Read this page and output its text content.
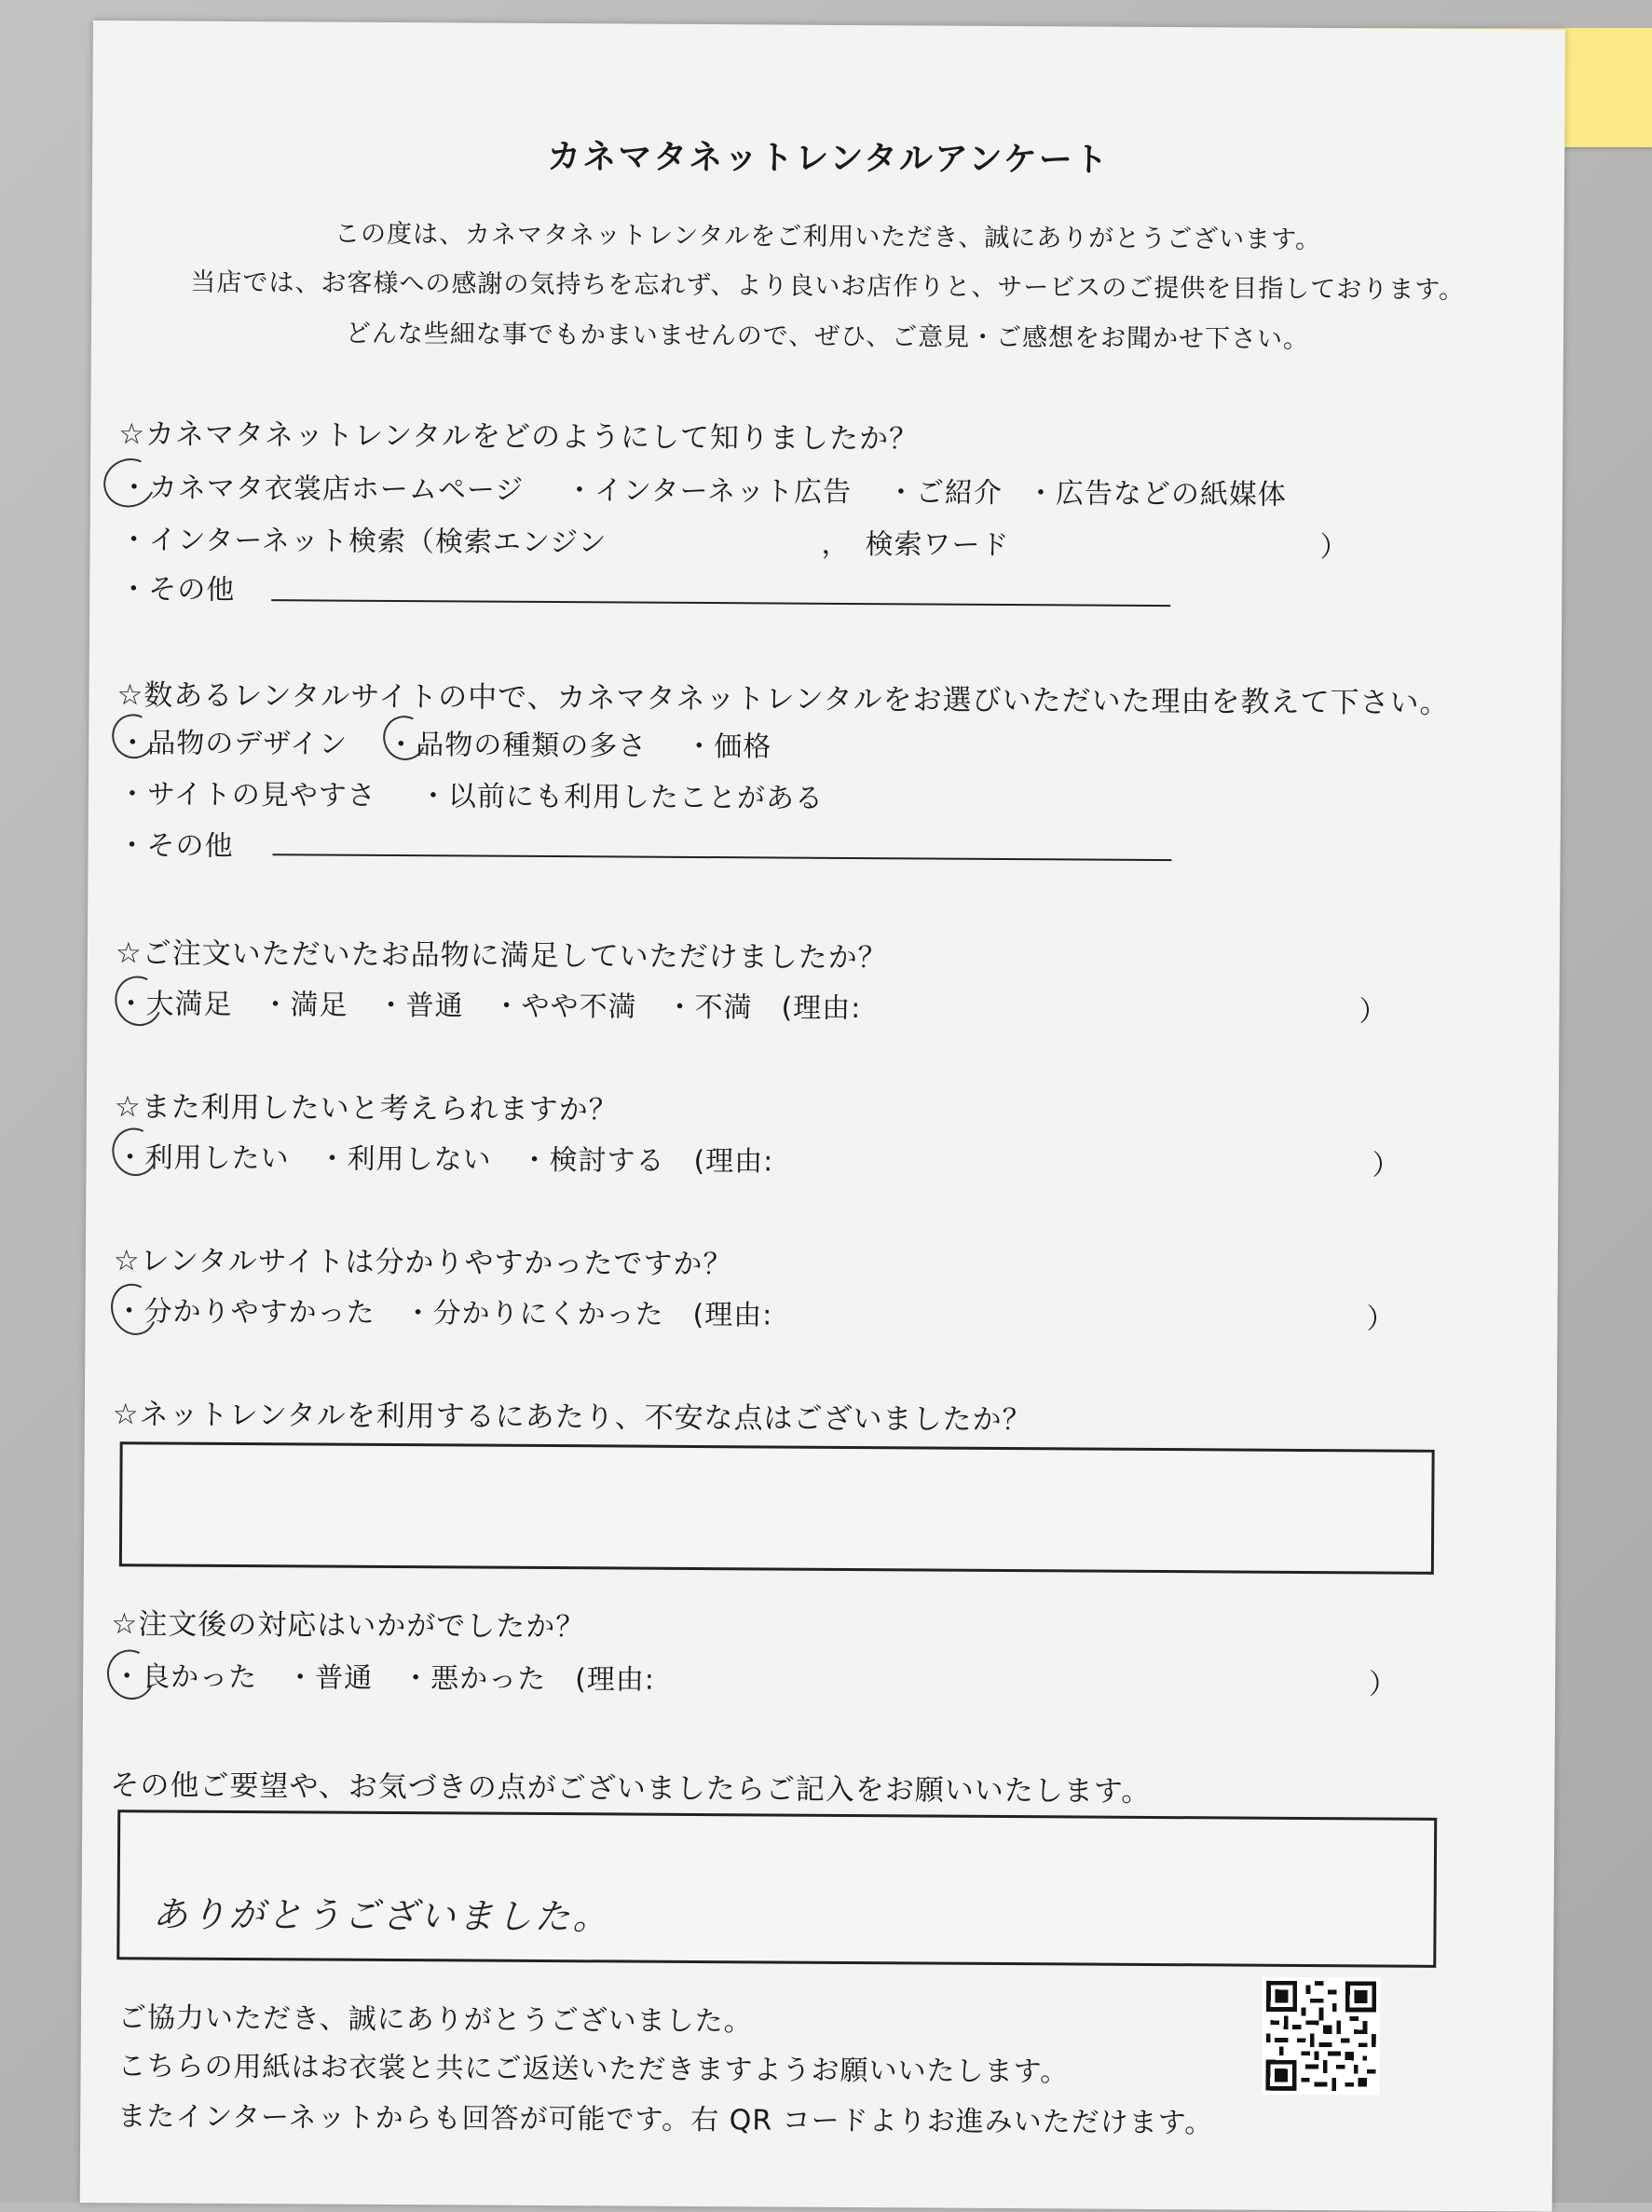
カネマタネットレンタルアンケート
この度は、カネマタネットレンタルをご利用いただき、誠にありがとうございます。
当店では、お客様への感謝の気持ちを忘れず、より良いお店作りと、サービスのご提供を目指しております。
どんな些細な事でもかまいませんので、ぜひ、ご意見・ご感想をお聞かせ下さい。
☆カネマタネットレンタルをどのようにして知りましたか？
・カネマタ衣裳店ホームページ ・インターネット広告 ・ご紹介 ・広告などの紙媒体
・インターネット検索（検索エンジン	，　検索ワード	）
・その他
☆数あるレンタルサイトの中で、カネマタネットレンタルをお選びいただいた理由を教えて下さい。
・品物のデザイン ・品物の種類の多さ ・価格
・サイトの見やすさ ・以前にも利用したことがある
・その他
☆ご注文いただいたお品物に満足していただけましたか？
・大満足　・満足　・普通　・やや不満　・不満　(理由:	）
☆また利用したいと考えられますか？
・利用したい　・利用しない　・検討する　(理由:	）
☆レンタルサイトは分かりやすかったですか？
・分かりやすかった　・分かりにくかった　(理由:	）
☆ネットレンタルを利用するにあたり、不安な点はございましたか？
☆注文後の対応はいかがでしたか？
・良かった　・普通　・悪かった　(理由:	）
その他ご要望や、お気づきの点がございましたらご記入をお願いいたします。
ありがとうございました。
ご協力いただき、誠にありがとうございました。
こちらの用紙はお衣裳と共にご返送いただきますようお願いいたします。
またインターネットからも回答が可能です。右 QR コードよりお進みいただけます。
